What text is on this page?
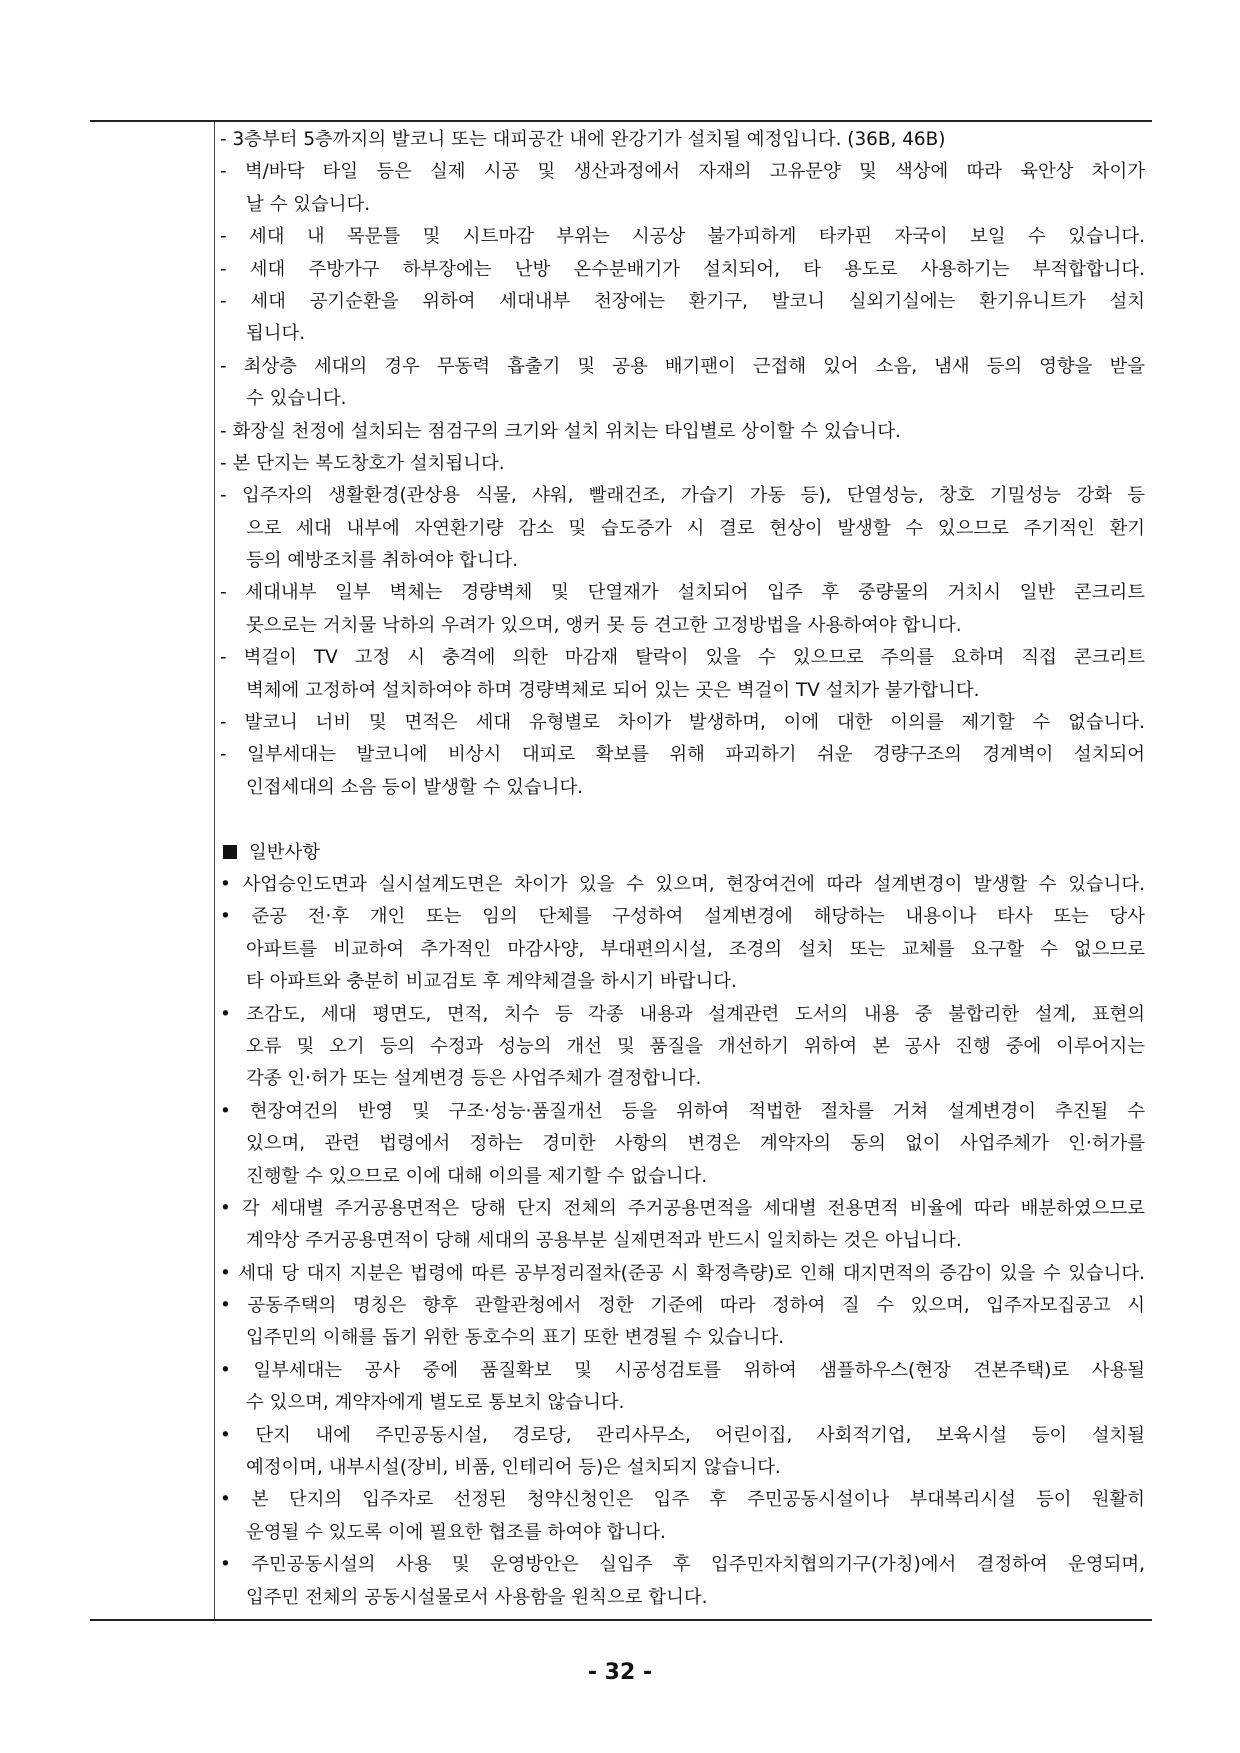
- 3층부터 5층까지의 발코니 또는 대피공간 내에 완강기가 설치될 예정입니다. (36B, 46B)
- 벽/바닥 타일 등은 실제 시공 및 생산과정에서 자재의 고유문양 및 색상에 따라 육안상 차이가
날 수 있습니다.
- 세대 내 목문틀 및 시트마감 부위는 시공상 불가피하게 타카핀 자국이 보일 수 있습니다.
- 세대 주방가구 하부장에는 난방 온수분배기가 설치되어, 타 용도로 사용하기는 부적합합니다.
- 세대 공기순환을 위하여 세대내부 천장에는 환기구, 발코니 실외기실에는 환기유니트가 설치
됩니다.
- 최상층 세대의 경우 무동력 흡출기 및 공용 배기팬이 근접해 있어 소음, 냄새 등의 영향을 받을
수 있습니다.
- 화장실 천정에 설치되는 점검구의 크기와 설치 위치는 타입별로 상이할 수 있습니다.
- 본 단지는 복도창호가 설치됩니다.
- 입주자의 생활환경(관상용 식물, 샤워, 빨래건조, 가습기 가동 등), 단열성능, 창호 기밀성능 강화 등
으로 세대 내부에 자연환기량 감소 및 습도증가 시 결로 현상이 발생할 수 있으므로 주기적인 환기
등의 예방조치를 취하여야 합니다.
- 세대내부 일부 벽체는 경량벽체 및 단열재가 설치되어 입주 후 중량물의 거치시 일반 콘크리트
못으로는 거치물 낙하의 우려가 있으며, 앵커 못 등 견고한 고정방법을 사용하여야 합니다.
- 벽걸이 TV 고정 시 충격에 의한 마감재 탈락이 있을 수 있으므로 주의를 요하며 직접 콘크리트
벽체에 고정하여 설치하여야 하며 경량벽체로 되어 있는 곳은 벽걸이 TV 설치가 불가합니다.
- 발코니 너비 및 면적은 세대 유형별로 차이가 발생하며, 이에 대한 이의를 제기할 수 없습니다.
- 일부세대는 발코니에 비상시 대피로 확보를 위해 파괴하기 쉬운 경량구조의 경계벽이 설치되어
인접세대의 소음 등이 발생할 수 있습니다.
일반사항
• 사업승인도면과 실시설계도면은 차이가 있을 수 있으며, 현장여건에 따라 설계변경이 발생할 수 있습니다.
• 준공 전·후 개인 또는 임의 단체를 구성하여 설계변경에 해당하는 내용이나 타사 또는 당사
아파트를 비교하여 추가적인 마감사양, 부대편의시설, 조경의 설치 또는 교체를 요구할 수 없으므로
타 아파트와 충분히 비교검토 후 계약체결을 하시기 바랍니다.
• 조감도, 세대 평면도, 면적, 치수 등 각종 내용과 설계관련 도서의 내용 중 불합리한 설계, 표현의
오류 및 오기 등의 수정과 성능의 개선 및 품질을 개선하기 위하여 본 공사 진행 중에 이루어지는
각종 인·허가 또는 설계변경 등은 사업주체가 결정합니다.
• 현장여건의 반영 및 구조·성능·품질개선 등을 위하여 적법한 절차를 거쳐 설계변경이 추진될 수
있으며, 관련 법령에서 정하는 경미한 사항의 변경은 계약자의 동의 없이 사업주체가 인·허가를
진행할 수 있으므로 이에 대해 이의를 제기할 수 없습니다.
• 각 세대별 주거공용면적은 당해 단지 전체의 주거공용면적을 세대별 전용면적 비율에 따라 배분하였으므로
계약상 주거공용면적이 당해 세대의 공용부분 실제면적과 반드시 일치하는 것은 아닙니다.
• 세대 당 대지 지분은 법령에 따른 공부정리절차(준공 시 확정측량)로 인해 대지면적의 증감이 있을 수 있습니다.
• 공동주택의 명칭은 향후 관할관청에서 정한 기준에 따라 정하여 질 수 있으며, 입주자모집공고 시
입주민의 이해를 돕기 위한 동호수의 표기 또한 변경될 수 있습니다.
• 일부세대는 공사 중에 품질확보 및 시공성검토를 위하여 샘플하우스(현장 견본주택)로 사용될
수 있으며, 계약자에게 별도로 통보치 않습니다.
• 단지 내에 주민공동시설, 경로당, 관리사무소, 어린이집, 사회적기업, 보육시설 등이 설치될
예정이며, 내부시설(장비, 비품, 인테리어 등)은 설치되지 않습니다.
• 본 단지의 입주자로 선정된 청약신청인은 입주 후 주민공동시설이나 부대복리시설 등이 원활히
운영될 수 있도록 이에 필요한 협조를 하여야 합니다.
• 주민공동시설의 사용 및 운영방안은 실입주 후 입주민자치협의기구(가칭)에서 결정하여 운영되며,
입주민 전체의 공동시설물로서 사용함을 원칙으로 합니다.
- 32 -
